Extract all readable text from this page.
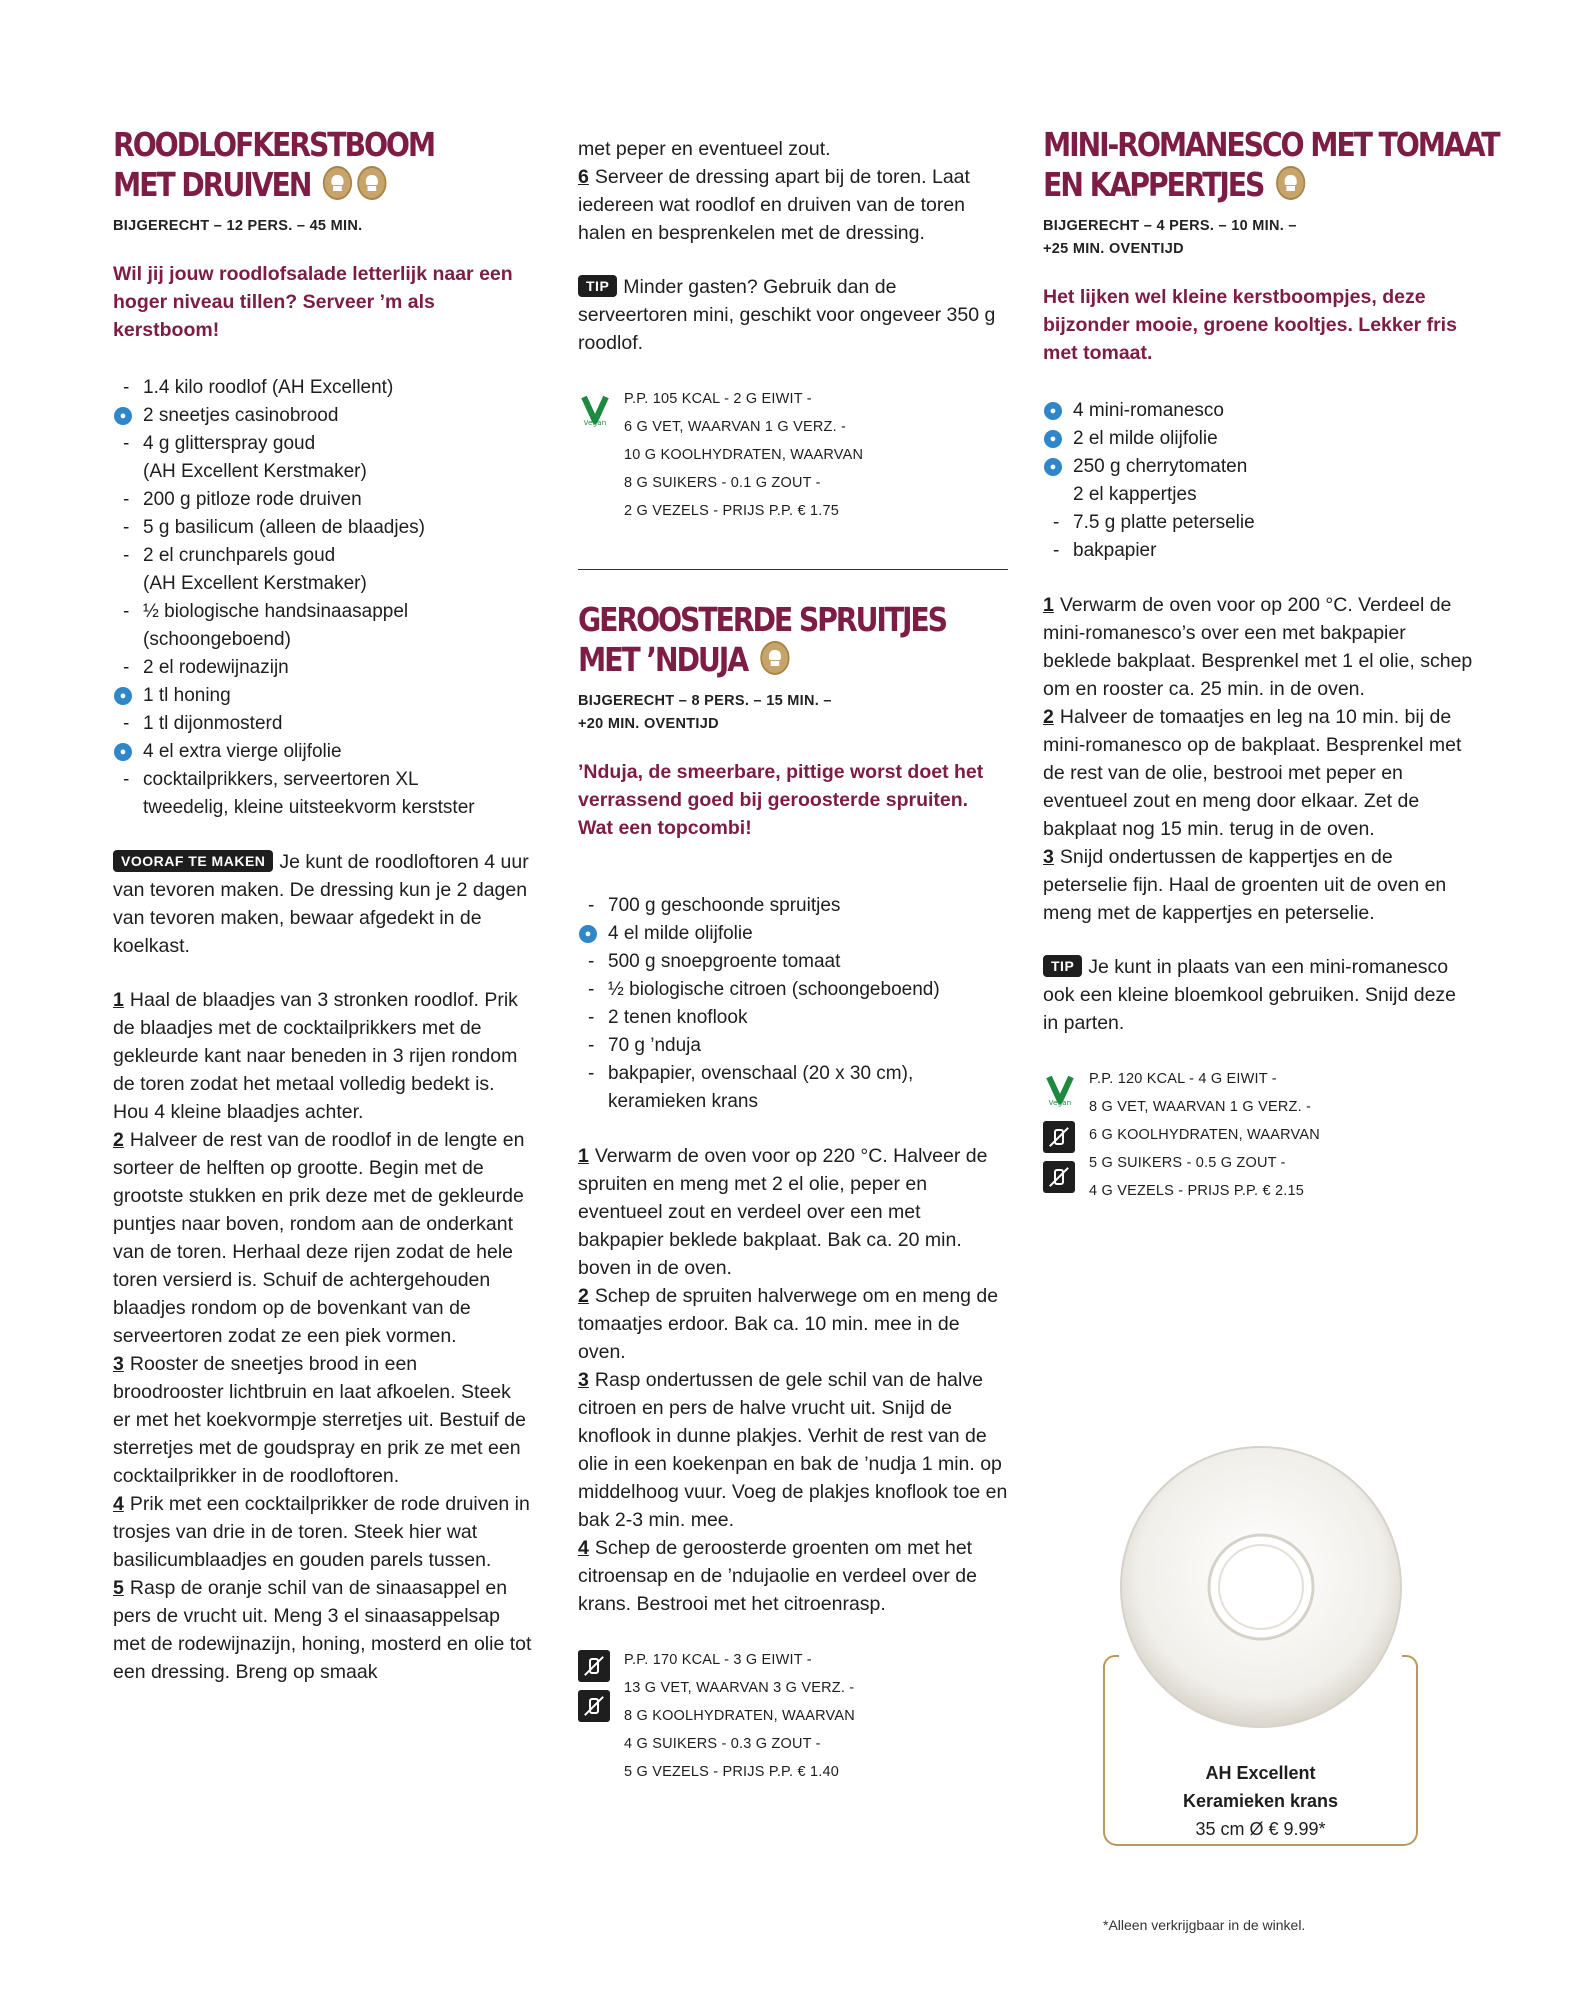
ROODLOFKERSTBOOM
MET DRUIVEN
BIJGERECHT – 12 PERS. – 45 MIN.
Wil jij jouw roodlofsalade letterlijk naar een hoger niveau tillen? Serveer ’m als kerstboom!
- 1.4 kilo roodlof (AH Excellent)
● 2 sneetjes casinobrood
- 4 g glitterspray goud
(AH Excellent Kerstmaker)
- 200 g pitloze rode druiven
- 5 g basilicum (alleen de blaadjes)
- 2 el crunchparels goud
(AH Excellent Kerstmaker)
- ½ biologische handsinaasappel
(schoongeboend)
- 2 el rodewijnazijn
● 1 tl honing
- 1 tl dijonmosterd
● 4 el extra vierge olijfolie
- cocktailprikkers, serveertoren XL
tweedelig, kleine uitsteekvorm kerstster

VOORAF TE MAKEN Je kunt de roodloftoren 4 uur van tevoren maken. De dressing kun je 2 dagen van tevoren maken, bewaar afgedekt in de koelkast.

1 Haal de blaadjes van 3 stronken roodlof. Prik de blaadjes met de cocktailprikkers met de gekleurde kant naar beneden in 3 rijen rondom de toren zodat het metaal volledig bedekt is. Hou 4 kleine blaadjes achter.

2 Halveer de rest van de roodlof in de lengte en sorteer de helften op grootte. Begin met de grootste stukken en prik deze met de gekleurde puntjes naar boven, rondom aan de onderkant van de toren. Herhaal deze rijen zodat de hele toren versierd is. Schuif de achtergehouden blaadjes rondom op de bovenkant van de serveertoren zodat ze een piek vormen.

3 Rooster de sneetjes brood in een broodrooster lichtbruin en laat afkoelen. Steek er met het koekvormpje sterretjes uit. Bestuif de sterretjes met de goudspray en prik ze met een cocktailprikker in de roodloftoren.

4 Prik met een cocktailprikker de rode druiven in trosjes van drie in de toren. Steek hier wat basilicumblaadjes en gouden parels tussen.

5 Rasp de oranje schil van de sinaasappel en pers de vrucht uit. Meng 3 el sinaasappelsap met de rodewijnazijn, honing, mosterd en olie tot een dressing. Breng op smaak

met peper en eventueel zout.
6 Serveer de dressing apart bij de toren. Laat iedereen wat roodlof en druiven van de toren halen en besprenkelen met de dressing.

TIP Minder gasten? Gebruik dan de serveertoren mini, geschikt voor ongeveer 350 g roodlof.

Vegan
P.P. 105 KCAL - 2 G EIWIT -
6 G VET, WAARVAN 1 G VERZ. -
10 G KOOLHYDRATEN, WAARVAN
8 G SUIKERS - 0.1 G ZOUT -
2 G VEZELS - PRIJS P.P. € 1.75
GEROOSTERDE SPRUITJES
MET ’NDUJA
BIJGERECHT – 8 PERS. – 15 MIN. –
+20 MIN. OVENTIJD
’Nduja, de smeerbare, pittige worst doet het verrassend goed bij geroosterde spruiten. Wat een topcombi!
- 700 g geschoonde spruitjes
● 4 el milde olijfolie
- 500 g snoepgroente tomaat
- ½ biologische citroen (schoongeboend)
- 2 tenen knoflook
- 70 g ’nduja
- bakpapier, ovenschaal (20 x 30 cm),
keramieken krans

1 Verwarm de oven voor op 220 °C. Halveer de spruiten en meng met 2 el olie, peper en eventueel zout en verdeel over een met bakpapier beklede bakplaat. Bak ca. 20 min. boven in de oven.

2 Schep de spruiten halverwege om en meng de tomaatjes erdoor. Bak ca. 10 min. mee in de oven.

3 Rasp ondertussen de gele schil van de halve citroen en pers de halve vrucht uit. Snijd de knoflook in dunne plakjes. Verhit de rest van de olie in een koekenpan en bak de ’nudja 1 min. op middelhoog vuur. Voeg de plakjes knoflook toe en bak 2-3 min. mee.

4 Schep de geroosterde groenten om met het citroensap en de ’ndujaolie en verdeel over de krans. Bestrooi met het citroenrasp.

P.P. 170 KCAL - 3 G EIWIT -
13 G VET, WAARVAN 3 G VERZ. -
8 G KOOLHYDRATEN, WAARVAN
4 G SUIKERS - 0.3 G ZOUT -
5 G VEZELS - PRIJS P.P. € 1.40
MINI-ROMANESCO MET TOMAAT
EN KAPPERTJES
BIJGERECHT – 4 PERS. – 10 MIN. –
+25 MIN. OVENTIJD
Het lijken wel kleine kerstboompjes, deze bijzonder mooie, groene kooltjes. Lekker fris met tomaat.
● 4 mini-romanesco
● 2 el milde olijfolie
● 250 g cherrytomaten
2 el kappertjes
- 7.5 g platte peterselie
- bakpapier

1 Verwarm de oven voor op 200 °C. Verdeel de mini-romanesco’s over een met bakpapier beklede bakplaat. Besprenkel met 1 el olie, schep om en rooster ca. 25 min. in de oven.

2 Halveer de tomaatjes en leg na 10 min. bij de mini-romanesco op de bakplaat. Besprenkel met de rest van de olie, bestrooi met peper en eventueel zout en meng door elkaar. Zet de bakplaat nog 15 min. terug in de oven.

3 Snijd ondertussen de kappertjes en de peterselie fijn. Haal de groenten uit de oven en meng met de kappertjes en peterselie.

TIP Je kunt in plaats van een mini-romanesco ook een kleine bloemkool gebruiken. Snijd deze in parten.

Vegan
P.P. 120 KCAL - 4 G EIWIT -
8 G VET, WAARVAN 1 G VERZ. -
6 G KOOLHYDRATEN, WAARVAN
5 G SUIKERS - 0.5 G ZOUT -
4 G VEZELS - PRIJS P.P. € 2.15
AH Excellent
Keramieken krans
35 cm Ø € 9.99*
*Alleen verkrijgbaar in de winkel.
